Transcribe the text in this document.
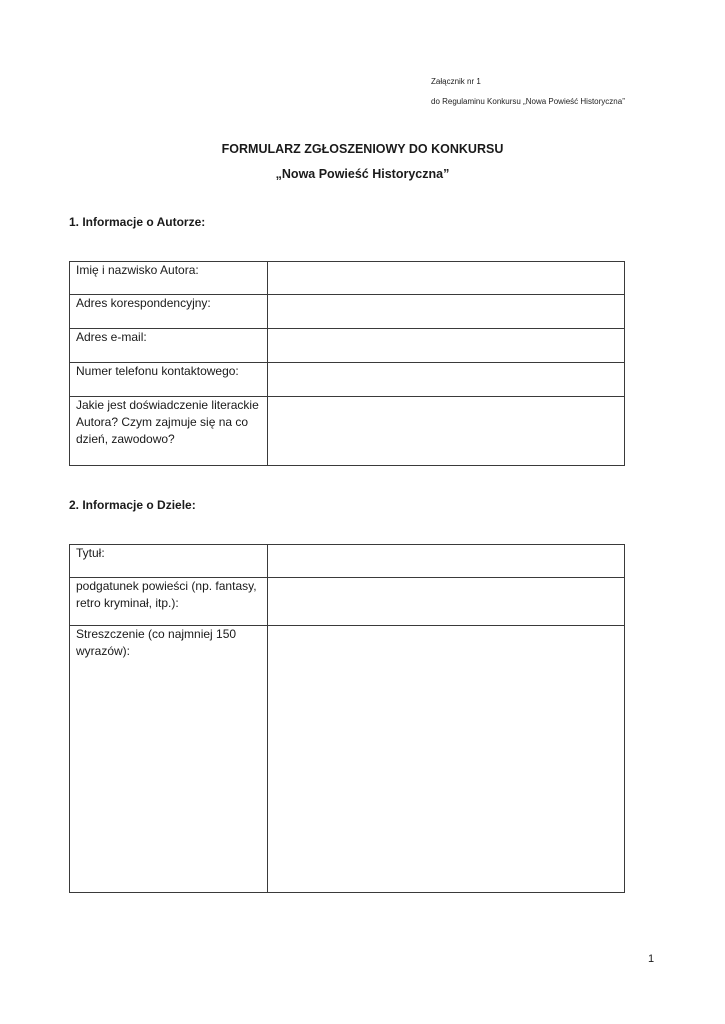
Załącznik nr 1
do Regulaminu Konkursu „Nowa Powieść Historyczna”
FORMULARZ ZGŁOSZENIOWY DO KONKURSU
„Nowa Powieść Historyczna”
1. Informacje o Autorze:
Imię i nazwisko Autora:	
Adres korespondencyjny:	
Adres e-mail:	
Numer telefonu kontaktowego:	
Jakie jest doświadczenie literackie Autora? Czym zajmuje się na co dzień, zawodowo?	
2. Informacje o Dziele:
Tytuł:	
podgatunek powieści (np. fantasy, retro kryminał, itp.):	
Streszczenie (co najmniej 150 wyrazów):	
1
